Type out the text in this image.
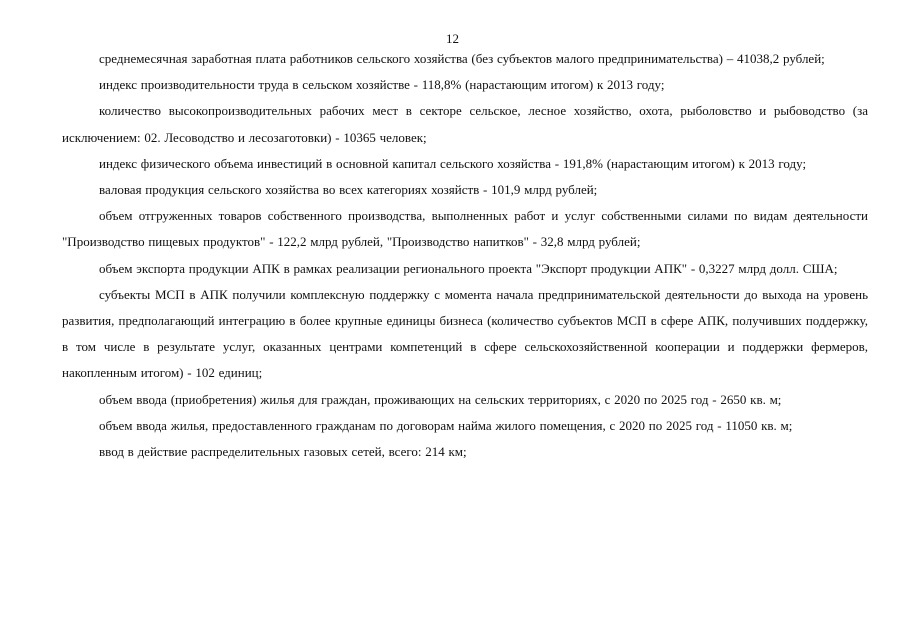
12

среднемесячная заработная плата работников сельского хозяйства (без субъектов малого предпринимательства) – 41038,2 рублей;

индекс производительности труда в сельском хозяйстве - 118,8% (нарастающим итогом) к 2013 году;

количество высокопроизводительных рабочих мест в секторе сельское, лесное хозяйство, охота, рыболовство и рыбоводство (за исключением: 02. Лесоводство и лесозаготовки) - 10365 человек;

индекс физического объема инвестиций в основной капитал сельского хозяйства - 191,8% (нарастающим итогом) к 2013 году;

валовая продукция сельского хозяйства во всех категориях хозяйств - 101,9 млрд рублей;

объем отгруженных товаров собственного производства, выполненных работ и услуг собственными силами по видам деятельности "Производство пищевых продуктов" - 122,2 млрд рублей, "Производство напитков" - 32,8 млрд рублей;

объем экспорта продукции АПК в рамках реализации регионального проекта "Экспорт продукции АПК" - 0,3227 млрд долл. США;

субъекты МСП в АПК получили комплексную поддержку с момента начала предпринимательской деятельности до выхода на уровень развития, предполагающий интеграцию в более крупные единицы бизнеса (количество субъектов МСП в сфере АПК, получивших поддержку, в том числе в результате услуг, оказанных центрами компетенций в сфере сельскохозяйственной кооперации и поддержки фермеров, накопленным итогом) - 102 единиц;

объем ввода (приобретения) жилья для граждан, проживающих на сельских территориях, с 2020 по 2025 год - 2650 кв. м;

объем ввода жилья, предоставленного гражданам по договорам найма жилого помещения, с 2020 по 2025 год - 11050 кв. м;

ввод в действие распределительных газовых сетей, всего: 214 км;
